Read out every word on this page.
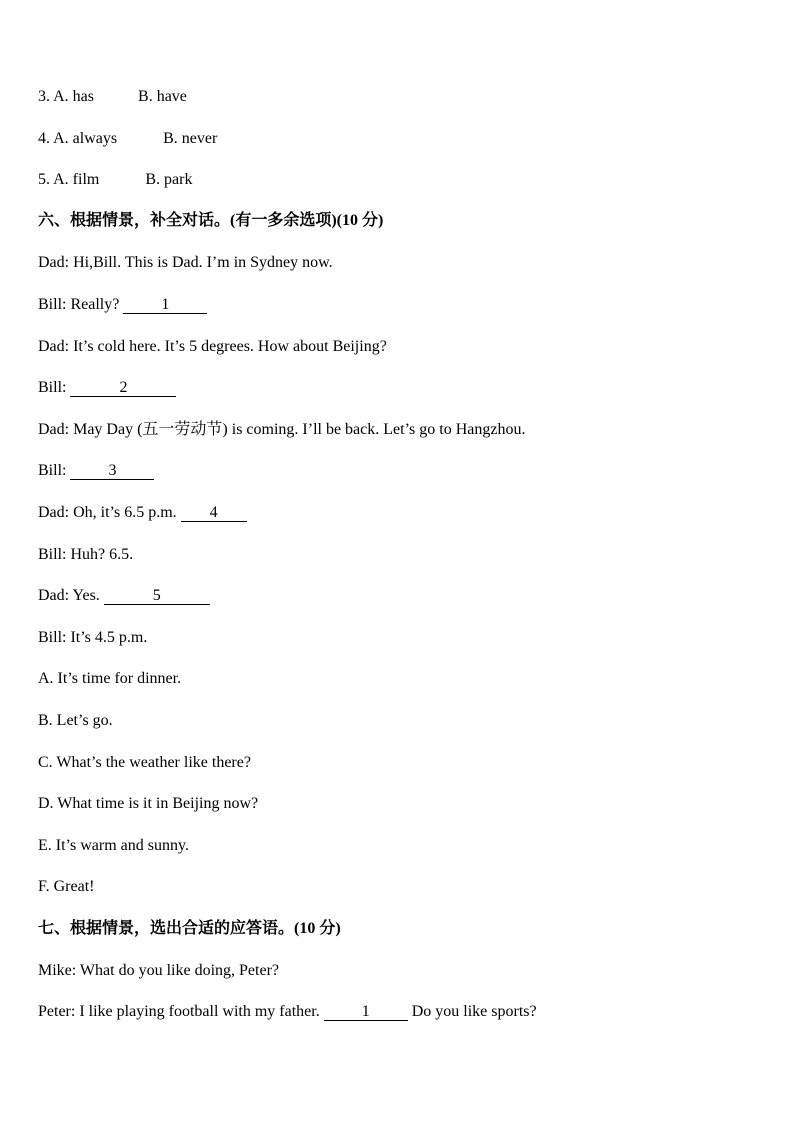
3. A. has	B. have
4. A. always	B. never
5. A. film	B. park
六、根据情景，补全对话。(有一多余选项)(10 分)
Dad: Hi,Bill. This is Dad. I’m in Sydney now.
Bill: Really? 1
Dad: It’s cold here. It’s 5 degrees. How about Beijing?
Bill:	2
Dad: May Day (五一劳动节) is coming. I’ll be back. Let’s go to Hangzhou.
Bill: 3
Dad: Oh, it’s 6.5 p.m. 4
Bill: Huh? 6.5.
Dad: Yes.	5
Bill: It’s 4.5 p.m.
A. It’s time for dinner.
B. Let’s go.
C. What’s the weather like there?
D. What time is it in Beijing now?
E. It’s warm and sunny.
F. Great!
七、根据情景，选出合适的应答语。(10 分)
Mike: What do you like doing, Peter?
Peter: I like playing football with my father. 1 Do you like sports?
